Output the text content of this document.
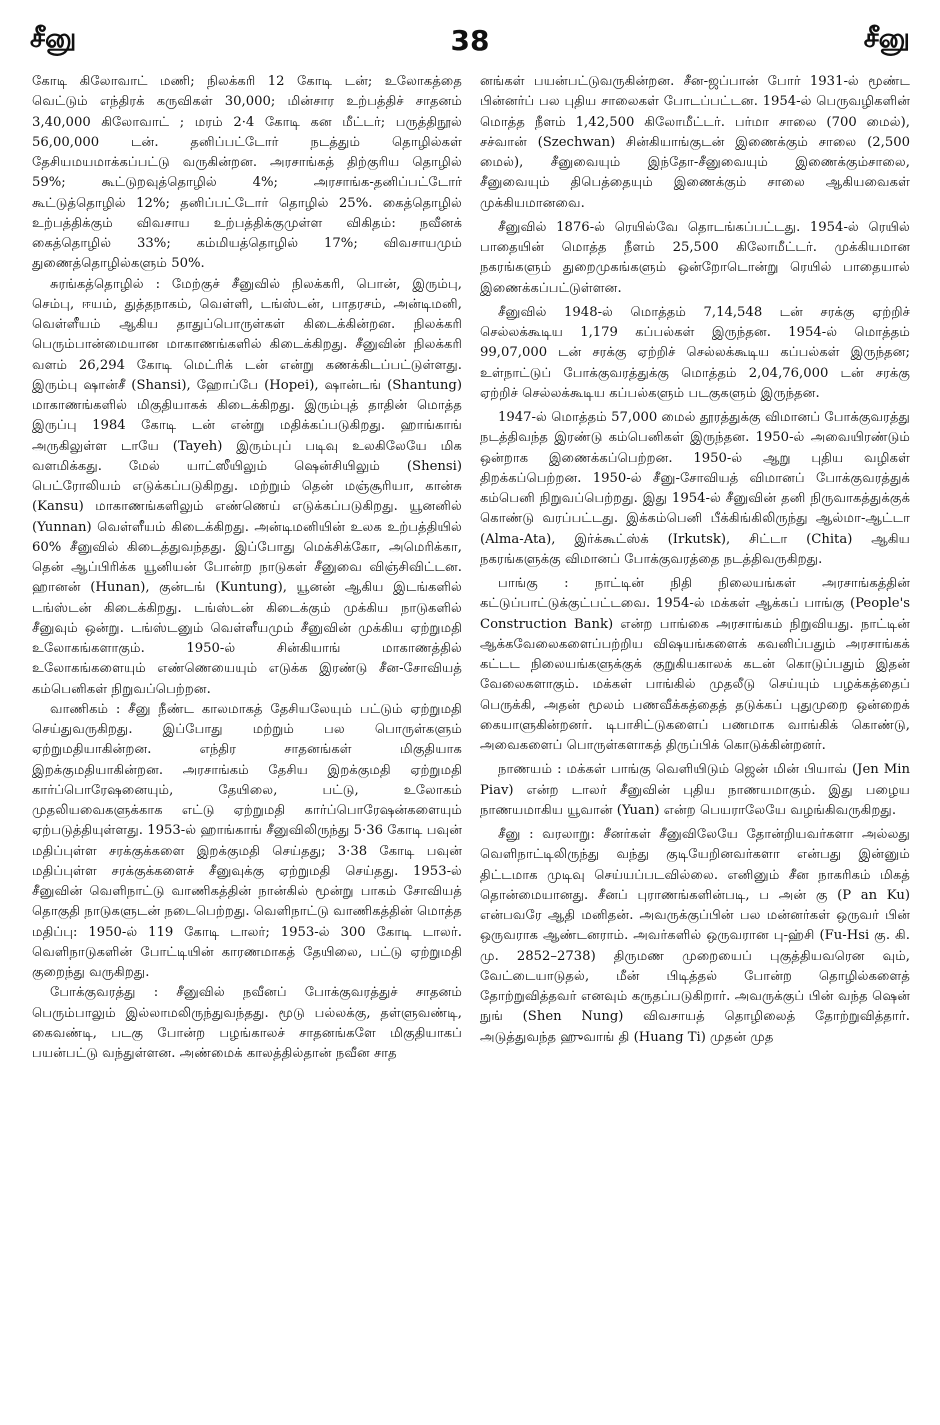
சீனு	38	சீனு

கோடி கிலோவாட் மணி; நிலக்கரி 12 கோடி டன்; உலோகத்தை வெட்டும் எந்திரக் கருவிகள் 30,000; மின்சார உற்பத்திச் சாதனம் 3,40,000 கிலோவாட் ; மரம் 2·4 கோடி கன மீட்டர்; பருத்திநூல் 56,00,000 டன். தனிப்பட்டோர் நடத்தும் தொழில்கள் தேசியமயமாக்கப்பட்டு வருகின்றன. அரசாங்கத் திற்குரிய தொழில் 59%; கூட்டுறவுத்தொழில் 4%; அரசாங்க-தனிப்பட்டோர் கூட்டுத்தொழில் 12%; தனிப்பட்டோர் தொழில் 25%. கைத்தொழில் உற்பத்திக்கும் விவசாய உற்பத்திக்குமுள்ள விகிதம்: நவீனக் கைத்தொழில் 33%; கம்மியத்தொழில் 17%; விவசாயமும் துணைத்தொழில்களும் 50%.

சுரங்கத்தொழில் : மேற்குச் சீனுவில் நிலக்கரி, பொன், இரும்பு, செம்பு, ஈயம், துத்தநாகம், வெள்ளி, டங்ஸ்டன், பாதரசம், அன்டிமனி, வெள்ளீயம் ஆகிய தாதுப்பொருள்கள் கிடைக்கின்றன. நிலக்கரி பெரும்பான்மையான மாகாணங்களில் கிடைக்கிறது. சீனுவின் நிலக்கரி வளம் 26,294 கோடி மெட்ரிக் டன் என்று கணக்கிடப்பட்டுள்ளது. இரும்பு ஷான்சீ (Shansi), ஹோப்பே (Hopei), ஷான்டங் (Shantung) மாகாணங்களில் மிகுதியாகக் கிடைக்கிறது. இரும்புத் தாதின் மொத்த இருப்பு 1984 கோடி டன் என்று மதிக்கப்படுகிறது. ஹாங்காங் அருகிலுள்ள டாயே (Tayeh) இரும்புப் படிவு உலகிலேயே மிக வளமிக்கது. மேல் யாட்ஸீயிலும் ஷென்சியிலும் (Shensi) பெட்ரோலியம் எடுக்கப்படுகிறது. மற்றும் தென் மஞ்சூரியா, கான்சு (Kansu) மாகாணங்களிலும் எண்ணெய் எடுக்கப்படுகிறது. யூனனில் (Yunnan) வெள்ளீயம் கிடைக்கிறது. அன்டிமனியின் உலக உற்பத்தியில் 60% சீனுவில் கிடைத்துவந்தது. இப்போது மெக்சிக்கோ, அமெரிக்கா, தென் ஆப்பிரிக்க யூனியன் போன்ற நாடுகள் சீனுவை விஞ்சிவிட்டன. ஹானன் (Hunan), குன்டங் (Kuntung), யூனன் ஆகிய இடங்களில் டங்ஸ்டன் கிடைக்கிறது. டங்ஸ்டன் கிடைக்கும் முக்கிய நாடுகளில் சீனுவும் ஒன்று. டங்ஸ்டனும் வெள்ளீயமும் சீனுவின் முக்கிய ஏற்றுமதி உலோகங்களாகும். 1950-ல் சின்கியாங் மாகாணத்தில் உலோகங்களையும் எண்ணெயையும் எடுக்க இரண்டு சீன-சோவியத் கம்பெனிகள் நிறுவப்பெற்றன.

வாணிகம் : சீனு நீண்ட காலமாகத் தேசியலேயும் பட்டும் ஏற்றுமதி செய்துவருகிறது. இப்போது மற்றும் பல பொருள்களும் ஏற்றுமதியாகின்றன. எந்திர சாதனங்கள் மிகுதியாக இறக்குமதியாகின்றன. அரசாங்கம் தேசிய இறக்குமதி ஏற்றுமதி கார்ப்பொரேஷனையும், தேயிலை, பட்டு, உலோகம் முதலியவைகளுக்காக எட்டு ஏற்றுமதி கார்ப்பொரேஷன்களையும் ஏற்படுத்தியுள்ளது. 1953-ல் ஹாங்காங் சீனுவிலிருந்து 5·36 கோடி பவுன் மதிப்புள்ள சரக்குக்களை இறக்குமதி செய்தது; 3·38 கோடி பவுன் மதிப்புள்ள சரக்குக்களைச் சீனுவுக்கு ஏற்றுமதி செய்தது. 1953-ல் சீனுவின் வெளிநாட்டு வாணிகத்தின் நான்கில் மூன்று பாகம் சோவியத் தொகுதி நாடுகளுடன் நடைபெற்றது. வெளிநாட்டு வாணிகத்தின் மொத்த மதிப்பு: 1950-ல் 119 கோடி டாலர்; 1953-ல் 300 கோடி டாலர். வெளிநாடுகளின் போட்டியின் காரணமாகத் தேயிலை, பட்டு ஏற்றுமதி குறைந்து வருகிறது.

போக்குவரத்து : சீனுவில் நவீனப் போக்குவரத்துச் சாதனம் பெரும்பாலும் இல்லாமலிருந்துவந்தது. மூடு பல்லக்கு, தள்ளுவண்டி, கைவண்டி, படகு போன்ற பழங்காலச் சாதனங்களே மிகுதியாகப் பயன்பட்டு வந்துள்ளன. அண்மைக் காலத்தில்தான் நவீன சாத

னங்கள் பயன்பட்டுவருகின்றன. சீன-ஜப்பான் போர் 1931-ல் மூண்ட பின்னர்ப் பல புதிய சாலைகள் போடப்பட்டன. 1954-ல் பெருவழிகளின் மொத்த நீளம் 1,42,500 கிலோமீட்டர். பர்மா சாலை (700 மைல்), சச்வான் (Szechwan) சின்கியாங்குடன் இணைக்கும் சாலை (2,500 மைல்), சீனுவையும் இந்தோ-சீனுவையும் இணைக்கும்சாலை, சீனுவையும் திபெத்தையும் இணைக்கும் சாலை ஆகியவைகள் முக்கியமானவை.

சீனுவில் 1876-ல் ரெயில்வே தொடங்கப்பட்டது. 1954-ல் ரெயில் பாதையின் மொத்த நீளம் 25,500 கிலோமீட்டர். முக்கியமான நகரங்களும் துறைமுகங்களும் ஒன்றோடொன்று ரெயில் பாதையால் இணைக்கப்பட்டுள்ளன.

சீனுவில் 1948-ல் மொத்தம் 7,14,548 டன் சரக்கு ஏற்றிச் செல்லக்கூடிய 1,179 கப்பல்கள் இருந்தன. 1954-ல் மொத்தம் 99,07,000 டன் சரக்கு ஏற்றிச் செல்லக்கூடிய கப்பல்கள் இருந்தன; உள்நாட்டுப் போக்குவரத்துக்கு மொத்தம் 2,04,76,000 டன் சரக்கு ஏற்றிச் செல்லக்கூடிய கப்பல்களும் படகுகளும் இருந்தன.

1947-ல் மொத்தம் 57,000 மைல் தூரத்துக்கு விமானப் போக்குவரத்து நடத்திவந்த இரண்டு கம்பெனிகள் இருந்தன. 1950-ல் அவையிரண்டும் ஒன்றாக இணைக்கப்பெற்றன. 1950-ல் ஆறு புதிய வழிகள் திறக்கப்பெற்றன. 1950-ல் சீனு-சோவியத் விமானப் போக்குவரத்துக் கம்பெனி நிறுவப்பெற்றது. இது 1954-ல் சீனுவின் தனி நிருவாகத்துக்குக் கொண்டு வரப்பட்டது. இக்கம்பெனி பீக்கிங்கிலிருந்து ஆல்மா-ஆட்டா (Alma-Ata), இர்க்கூட்ஸ்க் (Irkutsk), சிட்டா (Chita) ஆகிய நகரங்களுக்கு விமானப் போக்குவரத்தை நடத்திவருகிறது.

பாங்கு : நாட்டின் நிதி நிலையங்கள் அரசாங்கத்தின் கட்டுப்பாட்டுக்குட்பட்டவை. 1954-ல் மக்கள் ஆக்கப் பாங்கு (People's Construction Bank) என்ற பாங்கை அரசாங்கம் நிறுவியது. நாட்டின் ஆக்கவேலைகளைப்பற்றிய விஷயங்களைக் கவனிப்பதும் அரசாங்கக் கட்டட நிலையங்களுக்குக் குறுகியகாலக் கடன் கொடுப்பதும் இதன் வேலைகளாகும். மக்கள் பாங்கில் முதலீடு செய்யும் பழக்கத்தைப் பெருக்கி, அதன் மூலம் பணவீக்கத்தைத் தடுக்கப் புதுமுறை ஒன்றைக் கையாளுகின்றனர். டிபாசிட்டுகளைப் பணமாக வாங்கிக் கொண்டு, அவைகளைப் பொருள்களாகத் திருப்பிக் கொடுக்கின்றனர்.

நாணயம் : மக்கள் பாங்கு வெளியிடும் ஜென் மின் பியாவ் (Jen Min Piav) என்ற டாலர் சீனுவின் புதிய நாணயமாகும். இது பழைய நாணயமாகிய யூவான் (Yuan) என்ற பெயராலேயே வழங்கிவருகிறது.

சீனு : வரலாறு: சீனர்கள் சீனுவிலேயே தோன்றியவர்களா அல்லது வெளிநாட்டிலிருந்து வந்து குடியேறினவர்களா என்பது இன்னும் திட்டமாக முடிவு செய்யப்படவில்லை. எனினும் சீன நாகரிகம் மிகத் தொன்மையானது. சீனப் புராணங்களின்படி, ப அன் கு (P an Ku) என்பவரே ஆதி மனிதன். அவருக்குப்பின் பல மன்னர்கள் ஒருவர் பின் ஒருவராக ஆண்டனராம். அவர்களில் ஒருவரான பு-ஹ்சி (Fu-Hsi கு. கி. மு. 2852–2738) திருமண முறையைப் புகுத்தியவரென வும், வேட்டையாடுதல், மீன் பிடித்தல் போன்ற தொழில்களைத் தோற்றுவித்தவர் எனவும் கருதப்படுகிறார். அவருக்குப் பின் வந்த ஷென் நுங் (Shen Nung) விவசாயத் தொழிலைத் தோற்றுவித்தார். அடுத்துவந்த ஹுவாங் தி (Huang Ti) முதன் முத
